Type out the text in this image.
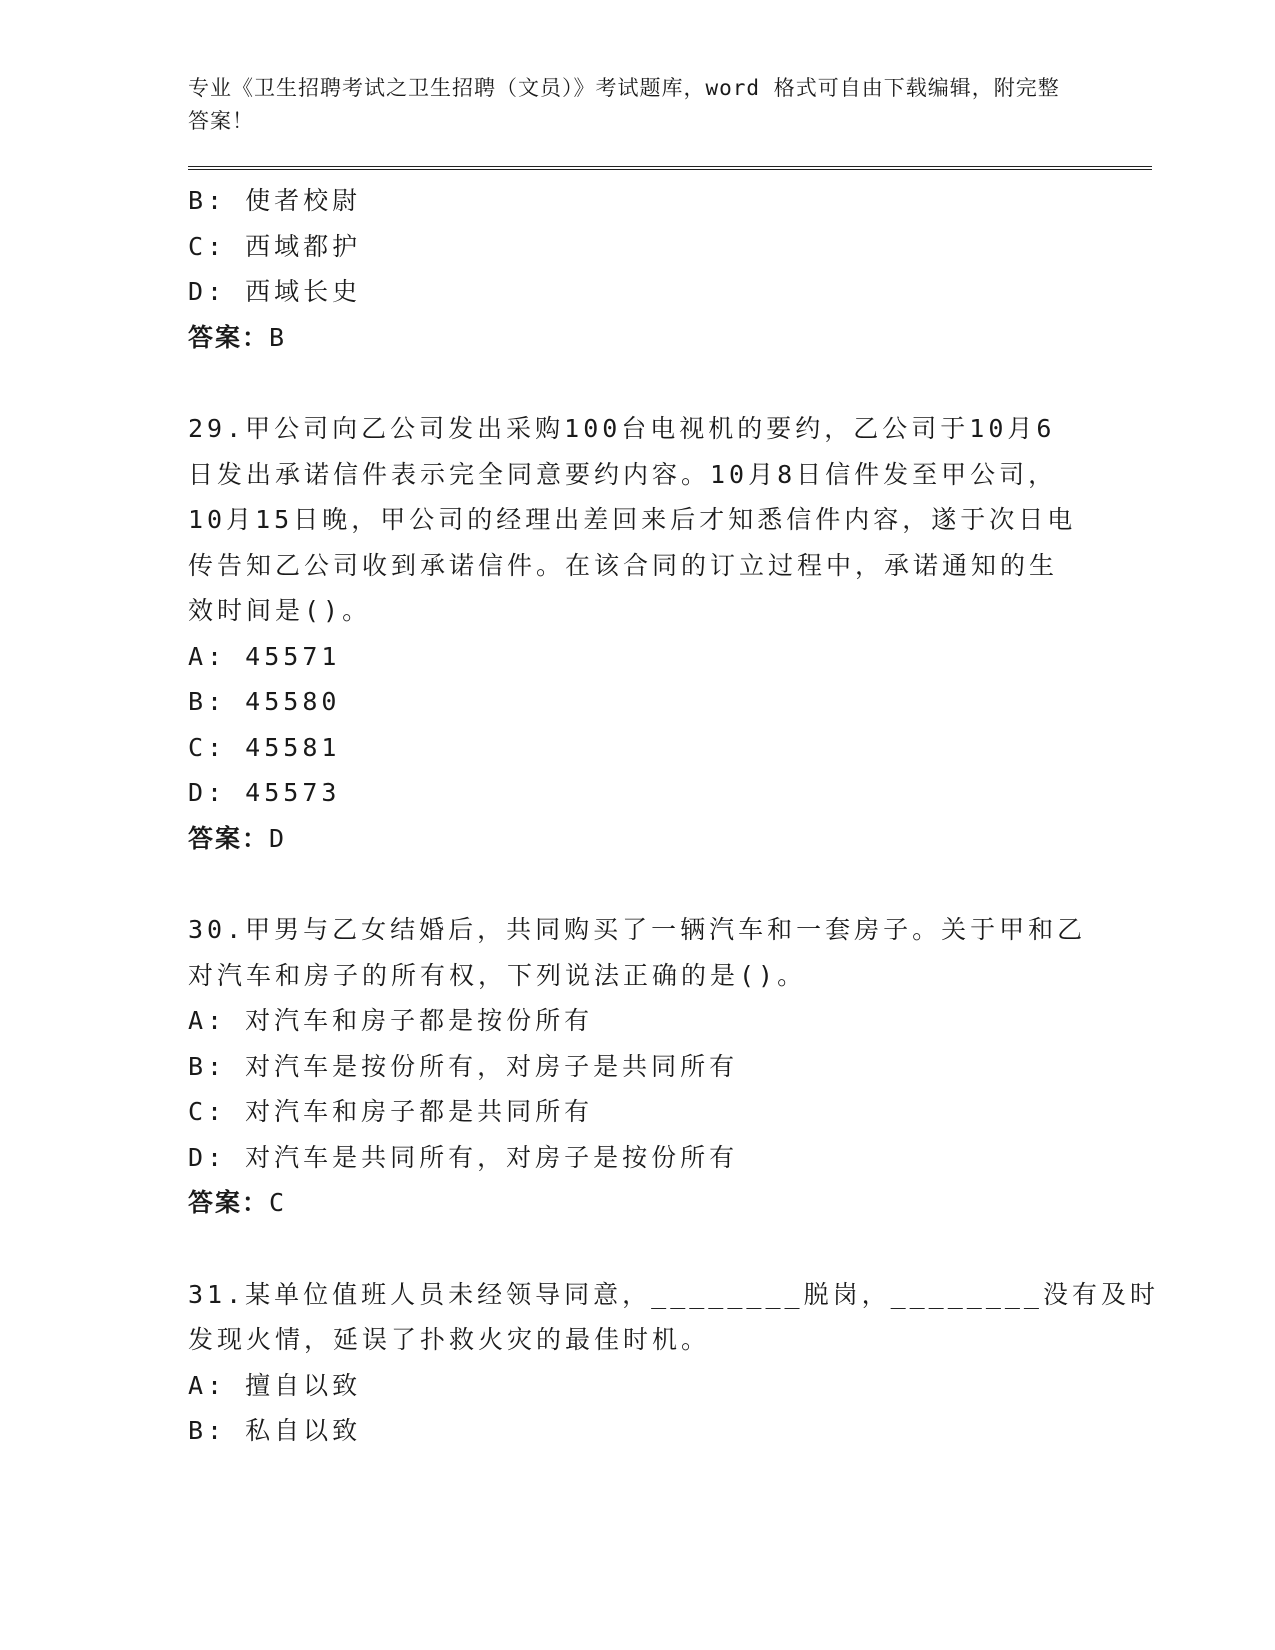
专业《卫生招聘考试之卫生招聘（文员）》考试题库，word 格式可自由下载编辑，附完整答案！

B: 使者校尉
C: 西域都护
D: 西域长史
答案：B
29.甲公司向乙公司发出采购100台电视机的要约，乙公司于10月6
日发出承诺信件表示完全同意要约内容。10月8日信件发至甲公司，
10月15日晚，甲公司的经理出差回来后才知悉信件内容，遂于次日电
传告知乙公司收到承诺信件。在该合同的订立过程中，承诺通知的生
效时间是()。
A: 45571
B: 45580
C: 45581
D: 45573
答案：D
30.甲男与乙女结婚后，共同购买了一辆汽车和一套房子。关于甲和乙
对汽车和房子的所有权，下列说法正确的是()。
A: 对汽车和房子都是按份所有
B: 对汽车是按份所有，对房子是共同所有
C: 对汽车和房子都是共同所有
D: 对汽车是共同所有，对房子是按份所有
答案：C
31.某单位值班人员未经领导同意，________脱岗，________没有及时
发现火情，延误了扑救火灾的最佳时机。
A: 擅自以致
B: 私自以致
